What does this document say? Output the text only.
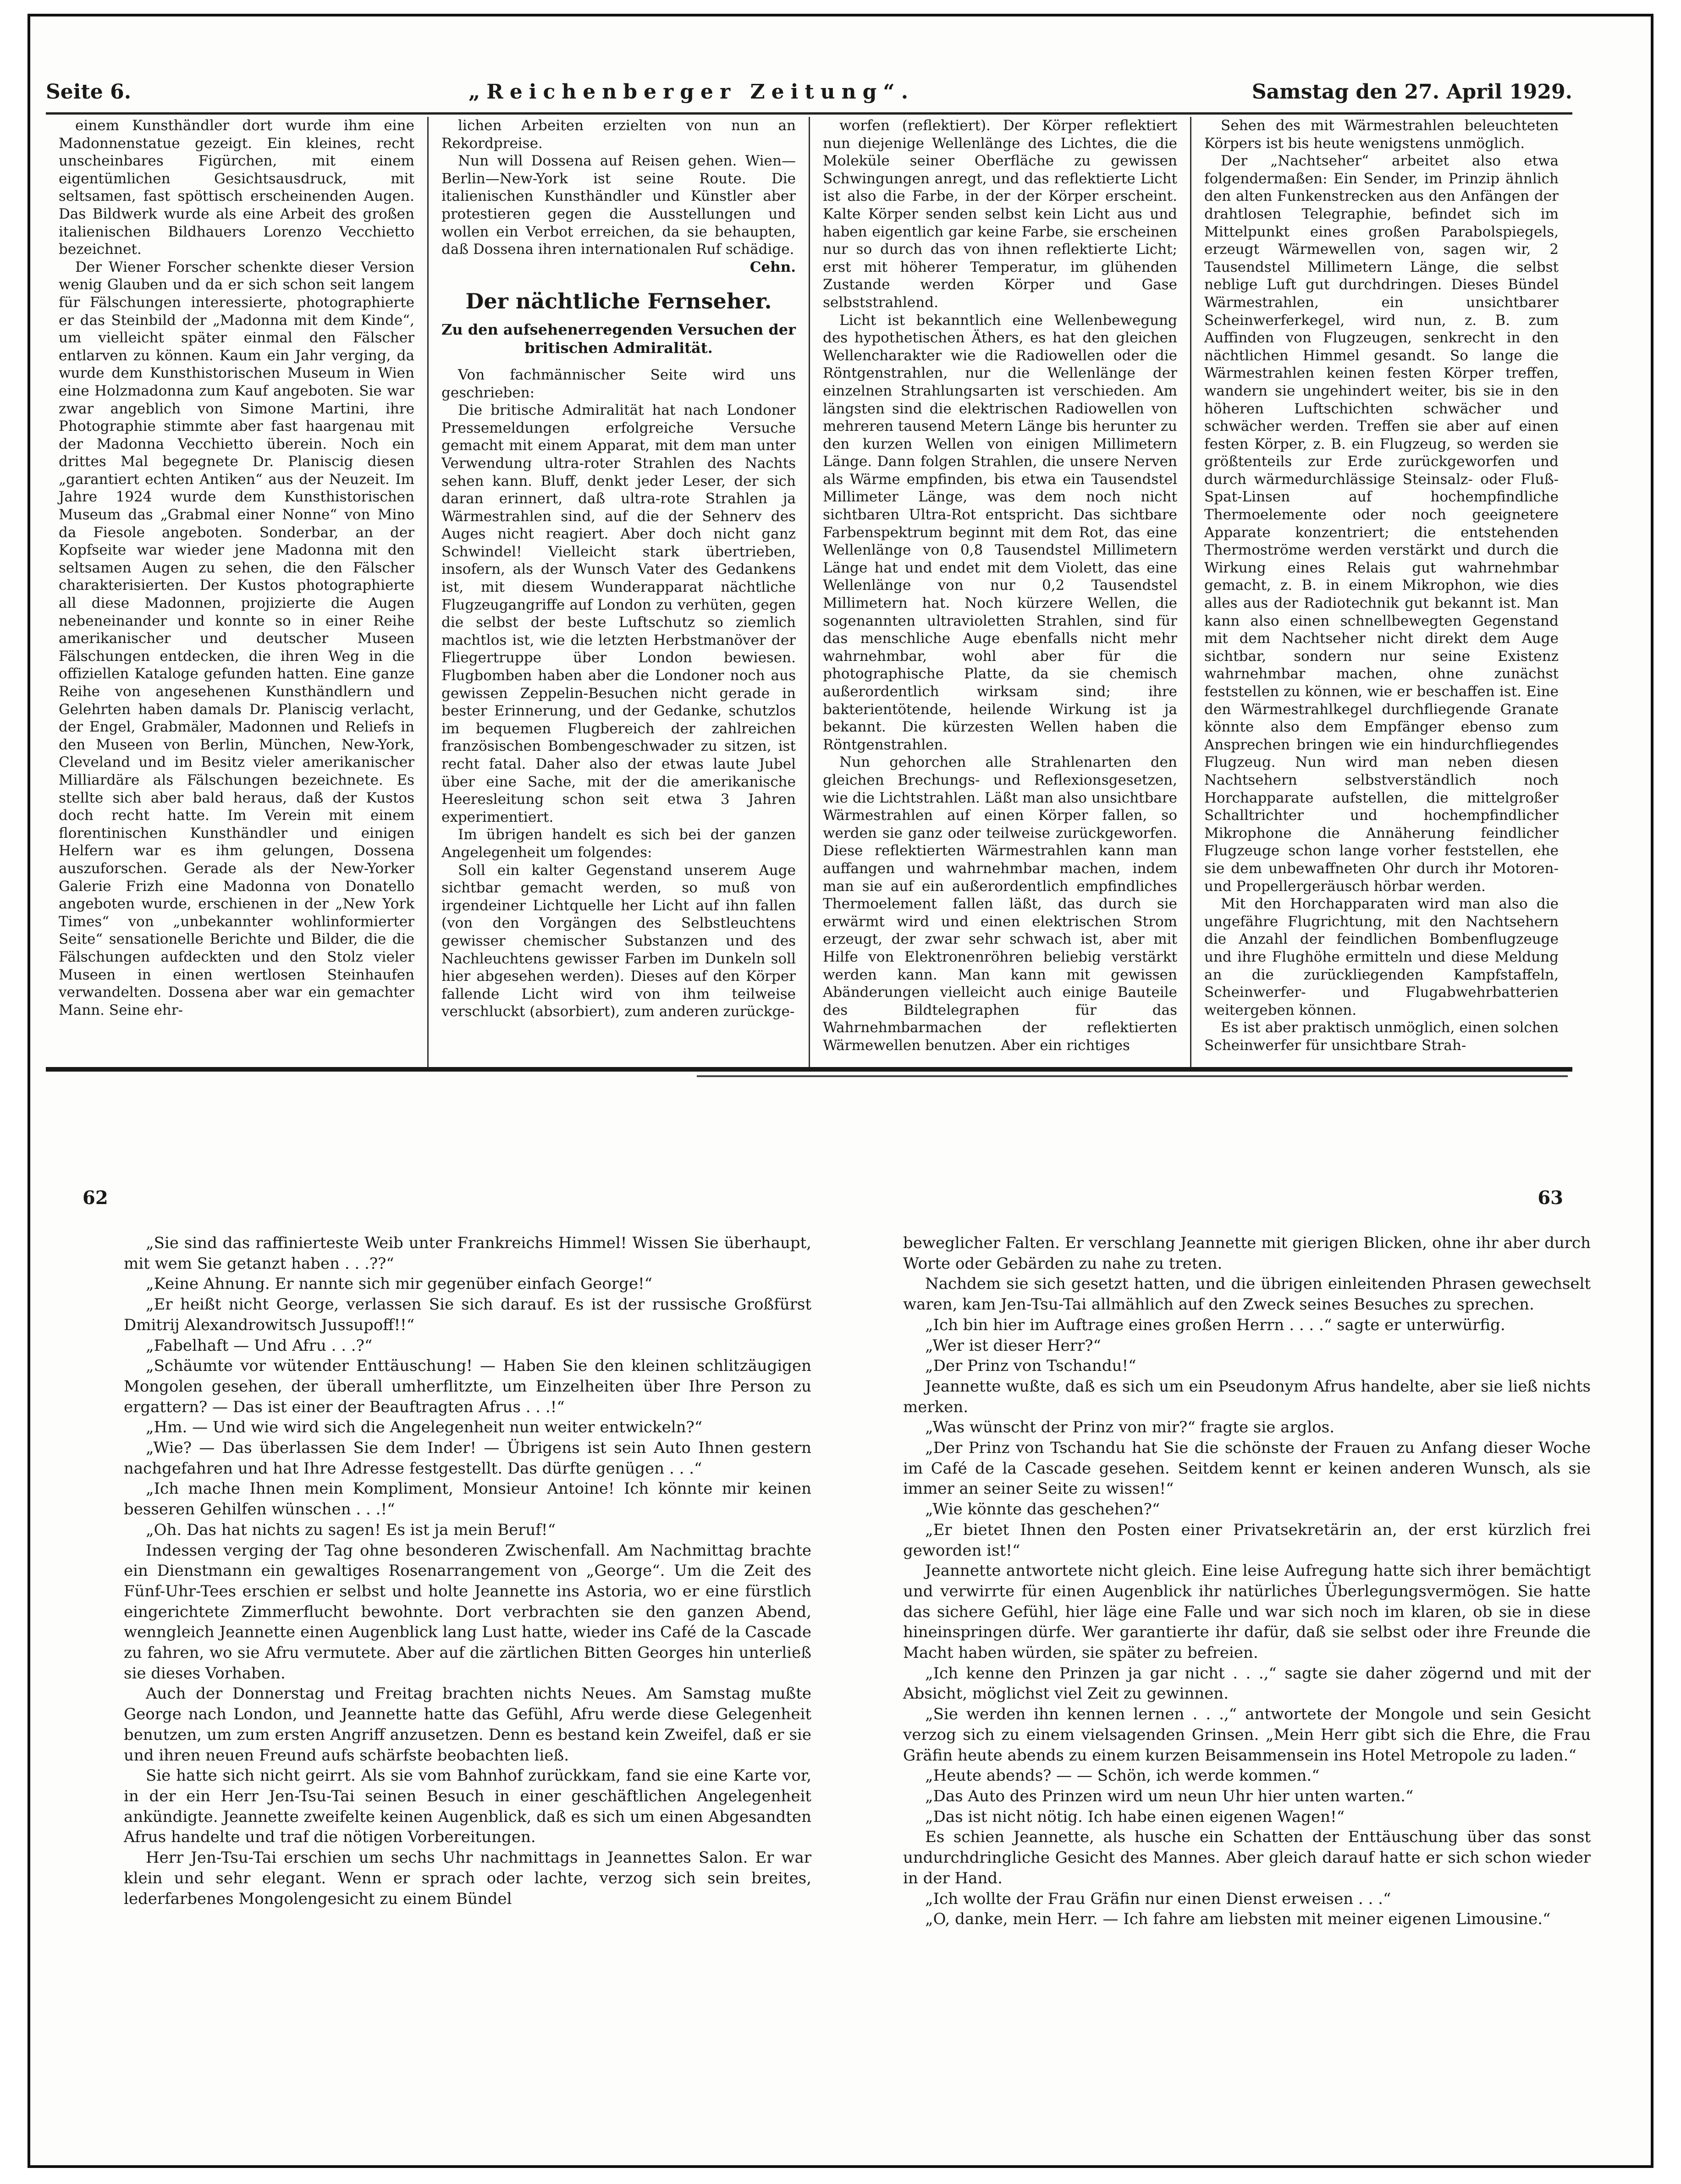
Seite 6.	„Reichenberger Zeitung“.	Samstag den 27. April 1929.

einem Kunsthändler dort wurde ihm eine Madonnenstatue gezeigt. Ein kleines, recht unscheinbares Figürchen, mit einem eigentümlichen Gesichtsausdruck, mit seltsamen, fast spöttisch erscheinenden Augen. Das Bildwerk wurde als eine Arbeit des großen italienischen Bildhauers Lorenzo Vecchietto bezeichnet.

Der Wiener Forscher schenkte dieser Version wenig Glauben und da er sich schon seit langem für Fälschungen interessierte, photographierte er das Steinbild der „Madonna mit dem Kinde“, um vielleicht später einmal den Fälscher entlarven zu können. Kaum ein Jahr verging, da wurde dem Kunsthistorischen Museum in Wien eine Holzmadonna zum Kauf angeboten. Sie war zwar angeblich von Simone Martini, ihre Photographie stimmte aber fast haargenau mit der Madonna Vecchietto überein. Noch ein drittes Mal begegnete Dr. Planiscig diesen „garantiert echten Antiken“ aus der Neuzeit. Im Jahre 1924 wurde dem Kunsthistorischen Museum das „Grabmal einer Nonne“ von Mino da Fiesole angeboten. Sonderbar, an der Kopfseite war wieder jene Madonna mit den seltsamen Augen zu sehen, die den Fälscher charakterisierten. Der Kustos photographierte all diese Madonnen, projizierte die Augen nebeneinander und konnte so in einer Reihe amerikanischer und deutscher Museen Fälschungen entdecken, die ihren Weg in die offiziellen Kataloge gefunden hatten. Eine ganze Reihe von angesehenen Kunsthändlern und Gelehrten haben damals Dr. Planiscig verlacht, der Engel, Grabmäler, Madonnen und Reliefs in den Museen von Berlin, München, New-York, Cleveland und im Besitz vieler amerikanischer Milliardäre als Fälschungen bezeichnete. Es stellte sich aber bald heraus, daß der Kustos doch recht hatte. Im Verein mit einem florentinischen Kunsthändler und einigen Helfern war es ihm gelungen, Dossena auszuforschen. Gerade als der New-Yorker Galerie Frizh eine Madonna von Donatello angeboten wurde, erschienen in der „New York Times“ von „unbekannter wohlinformierter Seite“ sensationelle Berichte und Bilder, die die Fälschungen aufdeckten und den Stolz vieler Museen in einen wertlosen Steinhaufen verwandelten. Dossena aber war ein gemachter Mann. Seine ehr-

lichen Arbeiten erzielten von nun an Rekordpreise.

Nun will Dossena auf Reisen gehen. Wien—Berlin—New-York ist seine Route. Die italienischen Kunsthändler und Künstler aber protestieren gegen die Ausstellungen und wollen ein Verbot erreichen, da sie behaupten, daß Dossena ihren internationalen Ruf schädige.

Cehn.
Der nächtliche Fernseher.
Zu den aufsehenerregenden Versuchen der britischen Admiralität.

Von fachmännischer Seite wird uns geschrieben:

Die britische Admiralität hat nach Londoner Pressemeldungen erfolgreiche Versuche gemacht mit einem Apparat, mit dem man unter Verwendung ultra-roter Strahlen des Nachts sehen kann. Bluff, denkt jeder Leser, der sich daran erinnert, daß ultra-rote Strahlen ja Wärmestrahlen sind, auf die der Sehnerv des Auges nicht reagiert. Aber doch nicht ganz Schwindel! Vielleicht stark übertrieben, insofern, als der Wunsch Vater des Gedankens ist, mit diesem Wunderapparat nächtliche Flugzeugangriffe auf London zu verhüten, gegen die selbst der beste Luftschutz so ziemlich machtlos ist, wie die letzten Herbstmanöver der Fliegertruppe über London bewiesen. Flugbomben haben aber die Londoner noch aus gewissen Zeppelin-Besuchen nicht gerade in bester Erinnerung, und der Gedanke, schutzlos im bequemen Flugbereich der zahlreichen französischen Bombengeschwader zu sitzen, ist recht fatal. Daher also der etwas laute Jubel über eine Sache, mit der die amerikanische Heeresleitung schon seit etwa 3 Jahren experimentiert.

Im übrigen handelt es sich bei der ganzen Angelegenheit um folgendes:

Soll ein kalter Gegenstand unserem Auge sichtbar gemacht werden, so muß von irgendeiner Lichtquelle her Licht auf ihn fallen (von den Vorgängen des Selbstleuchtens gewisser chemischer Substanzen und des Nachleuchtens gewisser Farben im Dunkeln soll hier abgesehen werden). Dieses auf den Körper fallende Licht wird von ihm teilweise verschluckt (absorbiert), zum anderen zurückge-

worfen (reflektiert). Der Körper reflektiert nun diejenige Wellenlänge des Lichtes, die die Moleküle seiner Oberfläche zu gewissen Schwingungen anregt, und das reflektierte Licht ist also die Farbe, in der der Körper erscheint. Kalte Körper senden selbst kein Licht aus und haben eigentlich gar keine Farbe, sie erscheinen nur so durch das von ihnen reflektierte Licht; erst mit höherer Temperatur, im glühenden Zustande werden Körper und Gase selbststrahlend.

Licht ist bekanntlich eine Wellenbewegung des hypothetischen Äthers, es hat den gleichen Wellencharakter wie die Radiowellen oder die Röntgenstrahlen, nur die Wellenlänge der einzelnen Strahlungsarten ist verschieden. Am längsten sind die elektrischen Radiowellen von mehreren tausend Metern Länge bis herunter zu den kurzen Wellen von einigen Millimetern Länge. Dann folgen Strahlen, die unsere Nerven als Wärme empfinden, bis etwa ein Tausendstel Millimeter Länge, was dem noch nicht sichtbaren Ultra-Rot entspricht. Das sichtbare Farbenspektrum beginnt mit dem Rot, das eine Wellenlänge von 0,8 Tausendstel Millimetern Länge hat und endet mit dem Violett, das eine Wellenlänge von nur 0,2 Tausendstel Millimetern hat. Noch kürzere Wellen, die sogenannten ultravioletten Strahlen, sind für das menschliche Auge ebenfalls nicht mehr wahrnehmbar, wohl aber für die photographische Platte, da sie chemisch außerordentlich wirksam sind; ihre bakterientötende, heilende Wirkung ist ja bekannt. Die kürzesten Wellen haben die Röntgenstrahlen.

Nun gehorchen alle Strahlenarten den gleichen Brechungs- und Reflexionsgesetzen, wie die Lichtstrahlen. Läßt man also unsichtbare Wärmestrahlen auf einen Körper fallen, so werden sie ganz oder teilweise zurückgeworfen. Diese reflektierten Wärmestrahlen kann man auffangen und wahrnehmbar machen, indem man sie auf ein außerordentlich empfindliches Thermoelement fallen läßt, das durch sie erwärmt wird und einen elektrischen Strom erzeugt, der zwar sehr schwach ist, aber mit Hilfe von Elektronenröhren beliebig verstärkt werden kann. Man kann mit gewissen Abänderungen vielleicht auch einige Bauteile des Bildtelegraphen für das Wahrnehmbarmachen der reflektierten Wärmewellen benutzen. Aber ein richtiges

Sehen des mit Wärmestrahlen beleuchteten Körpers ist bis heute wenigstens unmöglich.

Der „Nachtseher“ arbeitet also etwa folgendermaßen: Ein Sender, im Prinzip ähnlich den alten Funkenstrecken aus den Anfängen der drahtlosen Telegraphie, befindet sich im Mittelpunkt eines großen Parabolspiegels, erzeugt Wärmewellen von, sagen wir, 2 Tausendstel Millimetern Länge, die selbst neblige Luft gut durchdringen. Dieses Bündel Wärmestrahlen, ein unsichtbarer Scheinwerferkegel, wird nun, z. B. zum Auffinden von Flugzeugen, senkrecht in den nächtlichen Himmel gesandt. So lange die Wärmestrahlen keinen festen Körper treffen, wandern sie ungehindert weiter, bis sie in den höheren Luftschichten schwächer und schwächer werden. Treffen sie aber auf einen festen Körper, z. B. ein Flugzeug, so werden sie größtenteils zur Erde zurückgeworfen und durch wärmedurchlässige Steinsalz- oder Fluß-Spat-Linsen auf hochempfindliche Thermoelemente oder noch geeignetere Apparate konzentriert; die entstehenden Thermoströme werden verstärkt und durch die Wirkung eines Relais gut wahrnehmbar gemacht, z. B. in einem Mikrophon, wie dies alles aus der Radiotechnik gut bekannt ist. Man kann also einen schnellbewegten Gegenstand mit dem Nachtseher nicht direkt dem Auge sichtbar, sondern nur seine Existenz wahrnehmbar machen, ohne zunächst feststellen zu können, wie er beschaffen ist. Eine den Wärmestrahlkegel durchfliegende Granate könnte also dem Empfänger ebenso zum Ansprechen bringen wie ein hindurchfliegendes Flugzeug. Nun wird man neben diesen Nachtsehern selbstverständlich noch Horchapparate aufstellen, die mittelgroßer Schalltrichter und hochempfindlicher Mikrophone die Annäherung feindlicher Flugzeuge schon lange vorher feststellen, ehe sie dem unbewaffneten Ohr durch ihr Motoren- und Propellergeräusch hörbar werden.

Mit den Horchapparaten wird man also die ungefähre Flugrichtung, mit den Nachtsehern die Anzahl der feindlichen Bombenflugzeuge und ihre Flughöhe ermitteln und diese Meldung an die zurückliegenden Kampfstaffeln, Scheinwerfer- und Flugabwehrbatterien weitergeben können.

Es ist aber praktisch unmöglich, einen solchen Scheinwerfer für unsichtbare Strah-

62	63

„Sie sind das raffinierteste Weib unter Frankreichs Himmel! Wissen Sie überhaupt, mit wem Sie getanzt haben . . .??“

„Keine Ahnung. Er nannte sich mir gegenüber einfach George!“

„Er heißt nicht George, verlassen Sie sich darauf. Es ist der russische Großfürst Dmitrij Alexandrowitsch Jussupoff!!“

„Fabelhaft — Und Afru . . .?“

„Schäumte vor wütender Enttäuschung! — Haben Sie den kleinen schlitzäugigen Mongolen gesehen, der überall umherflitzte, um Einzelheiten über Ihre Person zu ergattern? — Das ist einer der Beauftragten Afrus . . .!“

„Hm. — Und wie wird sich die Angelegenheit nun weiter entwickeln?“

„Wie? — Das überlassen Sie dem Inder! — Übrigens ist sein Auto Ihnen gestern nachgefahren und hat Ihre Adresse festgestellt. Das dürfte genügen . . .“

„Ich mache Ihnen mein Kompliment, Monsieur Antoine! Ich könnte mir keinen besseren Gehilfen wünschen . . .!“

„Oh. Das hat nichts zu sagen! Es ist ja mein Beruf!“

Indessen verging der Tag ohne besonderen Zwischenfall. Am Nachmittag brachte ein Dienstmann ein gewaltiges Rosenarrangement von „George“. Um die Zeit des Fünf-Uhr-Tees erschien er selbst und holte Jeannette ins Astoria, wo er eine fürstlich eingerichtete Zimmerflucht bewohnte. Dort verbrachten sie den ganzen Abend, wenngleich Jeannette einen Augenblick lang Lust hatte, wieder ins Café de la Cascade zu fahren, wo sie Afru vermutete. Aber auf die zärtlichen Bitten Georges hin unterließ sie dieses Vorhaben.

Auch der Donnerstag und Freitag brachten nichts Neues. Am Samstag mußte George nach London, und Jeannette hatte das Gefühl, Afru werde diese Gelegenheit benutzen, um zum ersten Angriff anzusetzen. Denn es bestand kein Zweifel, daß er sie und ihren neuen Freund aufs schärfste beobachten ließ.

Sie hatte sich nicht geirrt. Als sie vom Bahnhof zurückkam, fand sie eine Karte vor, in der ein Herr Jen-Tsu-Tai seinen Besuch in einer geschäftlichen Angelegenheit ankündigte. Jeannette zweifelte keinen Augenblick, daß es sich um einen Abgesandten Afrus handelte und traf die nötigen Vorbereitungen.

Herr Jen-Tsu-Tai erschien um sechs Uhr nachmittags in Jeannettes Salon. Er war klein und sehr elegant. Wenn er sprach oder lachte, verzog sich sein breites, lederfarbenes Mongolengesicht zu einem Bündel

beweglicher Falten. Er verschlang Jeannette mit gierigen Blicken, ohne ihr aber durch Worte oder Gebärden zu nahe zu treten.

Nachdem sie sich gesetzt hatten, und die übrigen einleitenden Phrasen gewechselt waren, kam Jen-Tsu-Tai allmählich auf den Zweck seines Besuches zu sprechen.

„Ich bin hier im Auftrage eines großen Herrn . . . .“ sagte er unterwürfig.

„Wer ist dieser Herr?“

„Der Prinz von Tschandu!“

Jeannette wußte, daß es sich um ein Pseudonym Afrus handelte, aber sie ließ nichts merken.

„Was wünscht der Prinz von mir?“ fragte sie arglos.

„Der Prinz von Tschandu hat Sie die schönste der Frauen zu Anfang dieser Woche im Café de la Cascade gesehen. Seitdem kennt er keinen anderen Wunsch, als sie immer an seiner Seite zu wissen!“

„Wie könnte das geschehen?“

„Er bietet Ihnen den Posten einer Privatsekretärin an, der erst kürzlich frei geworden ist!“

Jeannette antwortete nicht gleich. Eine leise Aufregung hatte sich ihrer bemächtigt und verwirrte für einen Augenblick ihr natürliches Überlegungsvermögen. Sie hatte das sichere Gefühl, hier läge eine Falle und war sich noch im klaren, ob sie in diese hineinspringen dürfe. Wer garantierte ihr dafür, daß sie selbst oder ihre Freunde die Macht haben würden, sie später zu befreien.

„Ich kenne den Prinzen ja gar nicht . . .,“ sagte sie daher zögernd und mit der Absicht, möglichst viel Zeit zu gewinnen.

„Sie werden ihn kennen lernen . . .,“ antwortete der Mongole und sein Gesicht verzog sich zu einem vielsagenden Grinsen. „Mein Herr gibt sich die Ehre, die Frau Gräfin heute abends zu einem kurzen Beisammensein ins Hotel Metropole zu laden.“

„Heute abends? — — Schön, ich werde kommen.“

„Das Auto des Prinzen wird um neun Uhr hier unten warten.“

„Das ist nicht nötig. Ich habe einen eigenen Wagen!“

Es schien Jeannette, als husche ein Schatten der Enttäuschung über das sonst undurchdringliche Gesicht des Mannes. Aber gleich darauf hatte er sich schon wieder in der Hand.

„Ich wollte der Frau Gräfin nur einen Dienst erweisen . . .“

„O, danke, mein Herr. — Ich fahre am liebsten mit meiner eigenen Limousine.“
